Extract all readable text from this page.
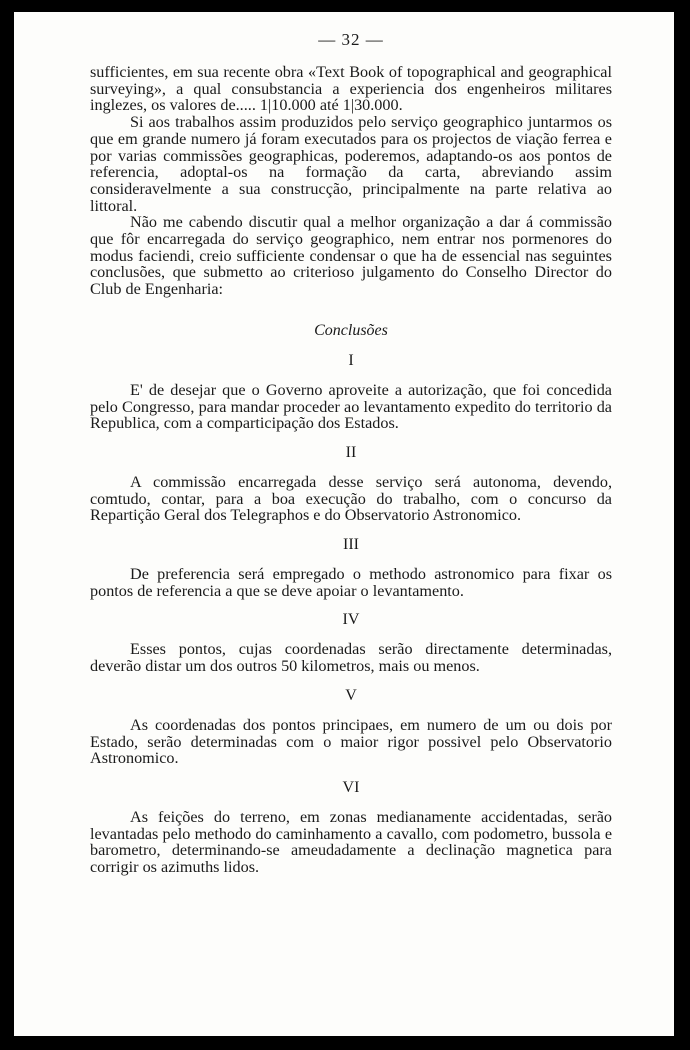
— 32 —

sufficientes, em sua recente obra «Text Book of topographical and geographical surveying», a qual consubstancia a experiencia dos engenheiros militares inglezes, os valores de..... 1|10.000 até 1|30.000.

Si aos trabalhos assim produzidos pelo serviço geographico juntarmos os que em grande numero já foram executados para os projectos de viação ferrea e por varias commissões geographicas, poderemos, adaptando-os aos pontos de referencia, adoptal-os na formação da carta, abreviando assim consideravelmente a sua construcção, principalmente na parte relativa ao littoral.

Não me cabendo discutir qual a melhor organização a dar á commissão que fôr encarregada do serviço geographico, nem entrar nos pormenores do modus faciendi, creio sufficiente condensar o que ha de essencial nas seguintes conclusões, que submetto ao criterioso julgamento do Conselho Director do Club de Engenharia:

Conclusões
I

E' de desejar que o Governo aproveite a autorização, que foi concedida pelo Congresso, para mandar proceder ao levantamento expedito do territorio da Republica, com a comparticipação dos Estados.

II

A commissão encarregada desse serviço será autonoma, devendo, comtudo, contar, para a boa execução do trabalho, com o concurso da Repartição Geral dos Telegraphos e do Observatorio Astronomico.

III

De preferencia será empregado o methodo astronomico para fixar os pontos de referencia a que se deve apoiar o levantamento.

IV

Esses pontos, cujas coordenadas serão directamente determinadas, deverão distar um dos outros 50 kilometros, mais ou menos.

V

As coordenadas dos pontos principaes, em numero de um ou dois por Estado, serão determinadas com o maior rigor possivel pelo Observatorio Astronomico.

VI

As feições do terreno, em zonas medianamente accidentadas, serão levantadas pelo methodo do caminhamento a cavallo, com podometro, bussola e barometro, determinando-se ameudadamente a declinação magnetica para corrigir os azimuths lidos.
